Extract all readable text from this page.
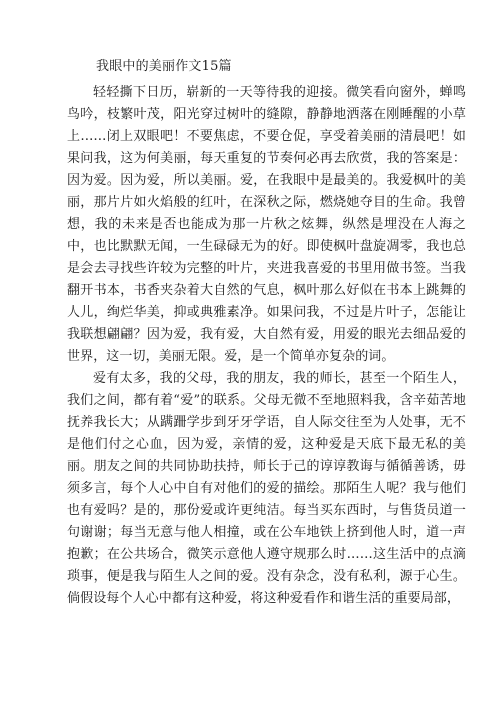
我眼中的美丽作文15篇

轻轻撕下日历，崭新的一天等待我的迎接。微笑看向窗外，蝉鸣鸟吟，枝繁叶茂，阳光穿过树叶的缝隙，静静地洒落在刚睡醒的小草上……闭上双眼吧！不要焦虑，不要仓促，享受着美丽的清晨吧！如果问我，这为何美丽，每天重复的节奏何必再去欣赏，我的答案是：因为爱。因为爱，所以美丽。爱，在我眼中是最美的。我爱枫叶的美丽，那片片如火焰般的红叶，在深秋之际，燃烧她夺目的生命。我曾想，我的未来是否也能成为那一片秋之炫舞，纵然是埋没在人海之中，也比默默无闻，一生碌碌无为的好。即使枫叶盘旋凋零，我也总是会去寻找些许较为完整的叶片，夹进我喜爱的书里用做书签。当我翻开书本，书香夹杂着大自然的气息，枫叶那么好似在书本上跳舞的人儿，绚烂华美，抑或典雅素净。如果问我，不过是片叶子，怎能让我联想翩翩？因为爱，我有爱，大自然有爱，用爱的眼光去细品爱的世界，这一切，美丽无限。爱，是一个简单亦复杂的词。

爱有太多，我的父母，我的朋友，我的师长，甚至一个陌生人，我们之间，都有着“爱”的联系。父母无微不至地照料我，含辛茹苦地抚养我长大；从蹒跚学步到牙牙学语，自人际交往至为人处事，无不是他们付之心血，因为爱，亲情的爱，这种爱是天底下最无私的美丽。朋友之间的共同协助扶持，师长于己的谆谆教诲与循循善诱，毋须多言，每个人心中自有对他们的爱的描绘。那陌生人呢？我与他们也有爱吗？是的，那份爱或许更纯洁。每当买东西时，与售货员道一句谢谢；每当无意与他人相撞，或在公车地铁上挤到他人时，道一声抱歉；在公共场合，微笑示意他人遵守规那么时……这生活中的点滴琐事，便是我与陌生人之间的爱。没有杂念，没有私利，源于心生。倘假设每个人心中都有这种爱，将这种爱看作和谐生活的重要局部，
